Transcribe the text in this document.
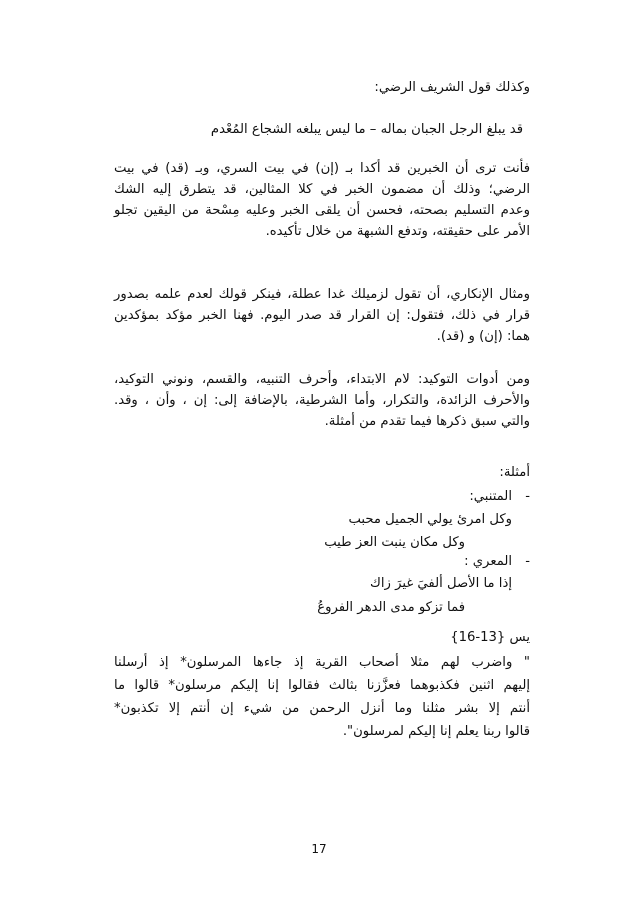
وكذلك قول الشريف الرضي:

قد يبلغ الرجل الجبان بماله – ما ليس يبلغه الشجاع المُعْدم

فأنت ترى أن الخبرين قد أكدا بـ (إن) في بيت السري، وبـ (قد) في بيت

الرضي؛ وذلك أن مضمون الخبر في كلا المثالين، قد يتطرق إليه الشك

وعدم التسليم بصحته، فحسن أن يلقى الخبر وعليه مِسْحة من اليقين تجلو

الأمر على حقيقته، وتدفع الشبهة من خلال تأكيده.

ومثال الإنكاري، أن تقول لزميلك غدا عطلة، فينكر قولك لعدم علمه بصدور

قرار في ذلك، فتقول: إن القرار قد صدر اليوم. فهنا الخبر مؤكد بمؤكدين

هما: (إن) و (قد).

ومن أدوات التوكيد: لام الابتداء، وأحرف التنبيه، والقسم، ونوني التوكيد،

والأحرف الزائدة، والتكرار، وأما الشرطية، بالإضافة إلى: إن ، وأن ، وقد.

والتي سبق ذكرها فيما تقدم من أمثلة.

أمثلة:

-

المتنبي:

وكل امرئ يولي الجميل محبب

وكل مكان ينبت العز طيب

-

المعري :

إذا ما الأصل ألفيَ غيرَ زاك

فما تزكو مدى الدهر الفروعُ

يس {13-16}

" واضرب لهم مثلا أصحاب القرية إذ جاءها المرسلون* إذ أرسلنا

إليهم اثنين فكذبوهما فعزَّزنا بثالث فقالوا إنا إليكم مرسلون* قالوا ما

أنتم إلا بشر مثلنا وما أنزل الرحمن من شيء إن أنتم إلا تكذبون*

قالوا ربنا يعلم إنا إليكم لمرسلون".

17
